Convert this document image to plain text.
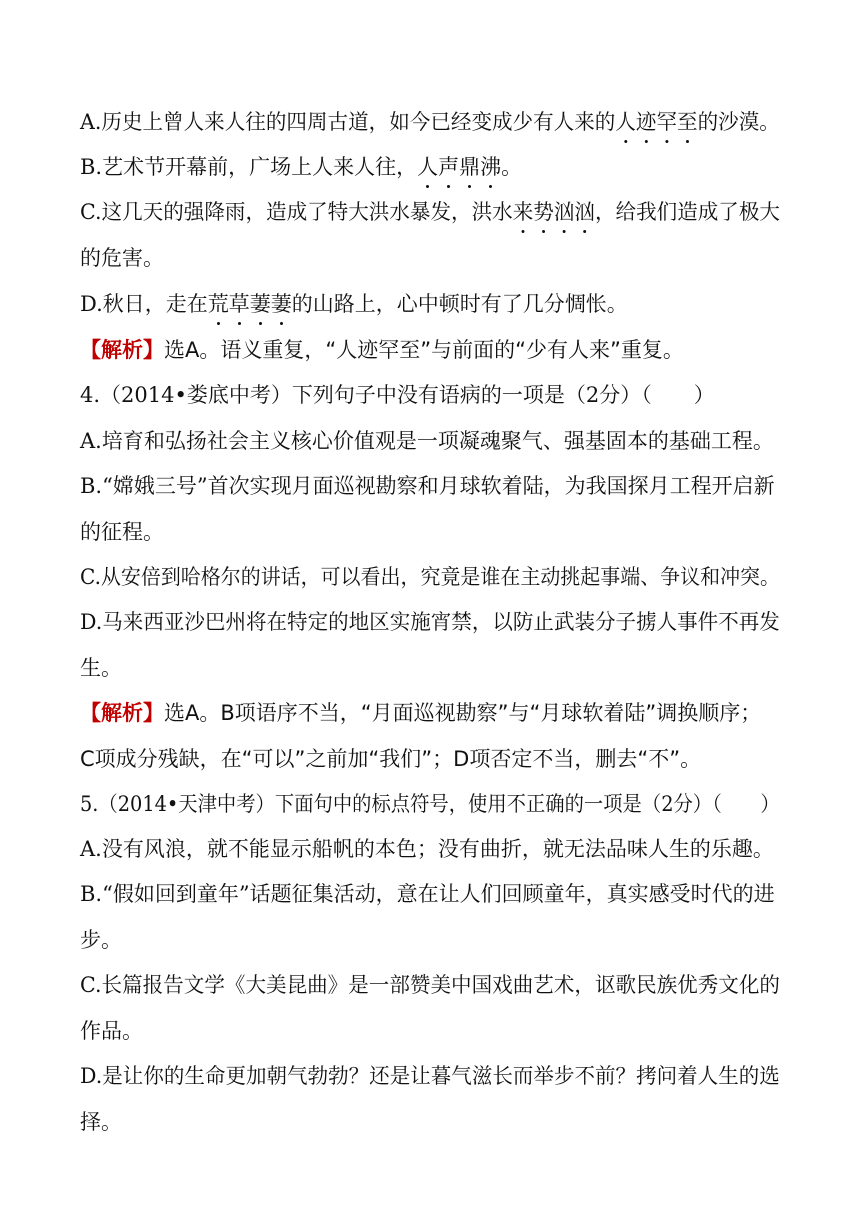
A.历史上曾人来人往的四周古道，如今已经变成少有人来的人迹罕至的沙漠。
B.艺术节开幕前，广场上人来人往，人声鼎沸。
C.这几天的强降雨，造成了特大洪水暴发，洪水来势汹汹，给我们造成了极大
的危害。
D.秋日，走在荒草萋萋的山路上，心中顿时有了几分惆怅。
【解析】选A。语义重复，“人迹罕至”与前面的“少有人来”重复。
4.（2014•娄底中考）下列句子中没有语病的一项是（2分）（　　）
A.培育和弘扬社会主义核心价值观是一项凝魂聚气、强基固本的基础工程。
B.“嫦娥三号”首次实现月面巡视勘察和月球软着陆，为我国探月工程开启新
的征程。
C.从安倍到哈格尔的讲话，可以看出，究竟是谁在主动挑起事端、争议和冲突。
D.马来西亚沙巴州将在特定的地区实施宵禁，以防止武装分子掳人事件不再发
生。
【解析】选A。B项语序不当，“月面巡视勘察”与“月球软着陆”调换顺序；
C项成分残缺，在“可以”之前加“我们”；D项否定不当，删去“不”。
5.（2014•天津中考）下面句中的标点符号，使用不正确的一项是（2分）（　　）
A.没有风浪，就不能显示船帆的本色；没有曲折，就无法品味人生的乐趣。
B.“假如回到童年”话题征集活动，意在让人们回顾童年，真实感受时代的进
步。
C.长篇报告文学《大美昆曲》是一部赞美中国戏曲艺术，讴歌民族优秀文化的
作品。
D.是让你的生命更加朝气勃勃？还是让暮气滋长而举步不前？拷问着人生的选
择。
